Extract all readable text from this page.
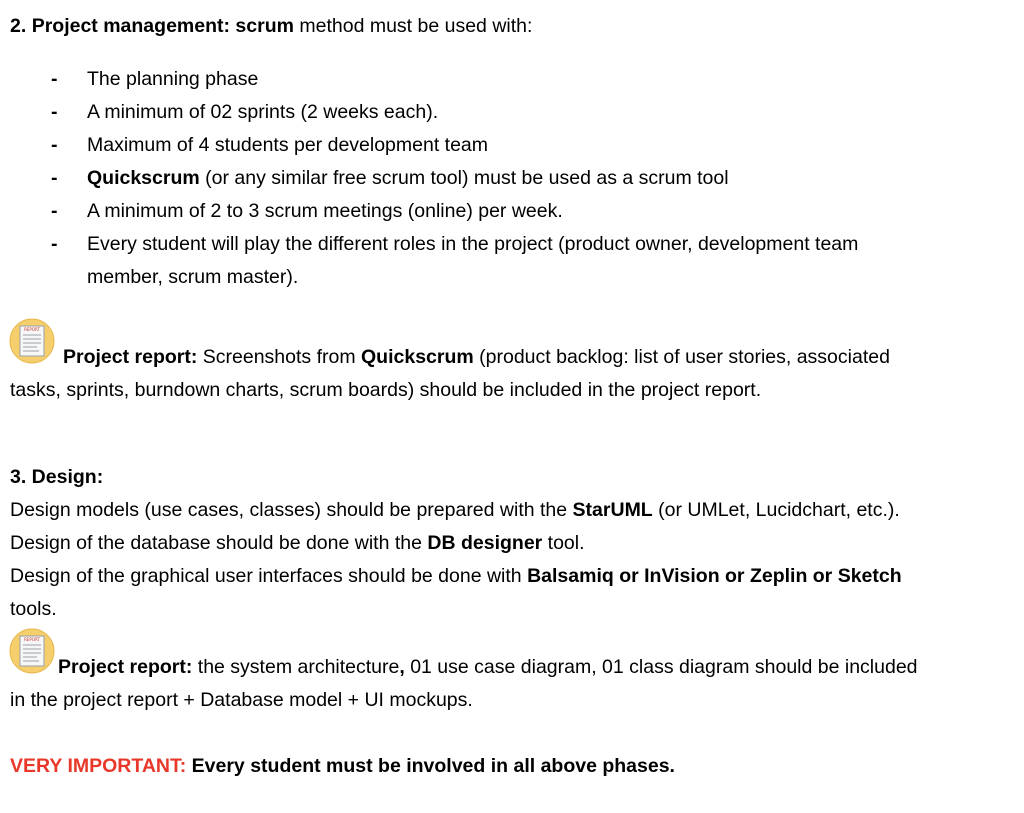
2. Project management: scrum method must be used with:
- The planning phase
- A minimum of 02 sprints (2 weeks each).
- Maximum of 4 students per development team
- Quickscrum (or any similar free scrum tool) must be used as a scrum tool
- A minimum of 2 to 3 scrum meetings (online) per week.
- Every student will play the different roles in the project (product owner, development team
member, scrum master).
REPORT
Project report: Screenshots from Quickscrum (product backlog: list of user stories, associated
tasks, sprints, burndown charts, scrum boards) should be included in the project report.
3. Design:
Design models (use cases, classes) should be prepared with the StarUML (or UMLet, Lucidchart, etc.).
Design of the database should be done with the DB designer tool.
Design of the graphical user interfaces should be done with Balsamiq or InVision or Zeplin or Sketch
tools.
REPORT
Project report: the system architecture, 01 use case diagram, 01 class diagram should be included
in the project report + Database model + UI mockups.
VERY IMPORTANT: Every student must be involved in all above phases.
